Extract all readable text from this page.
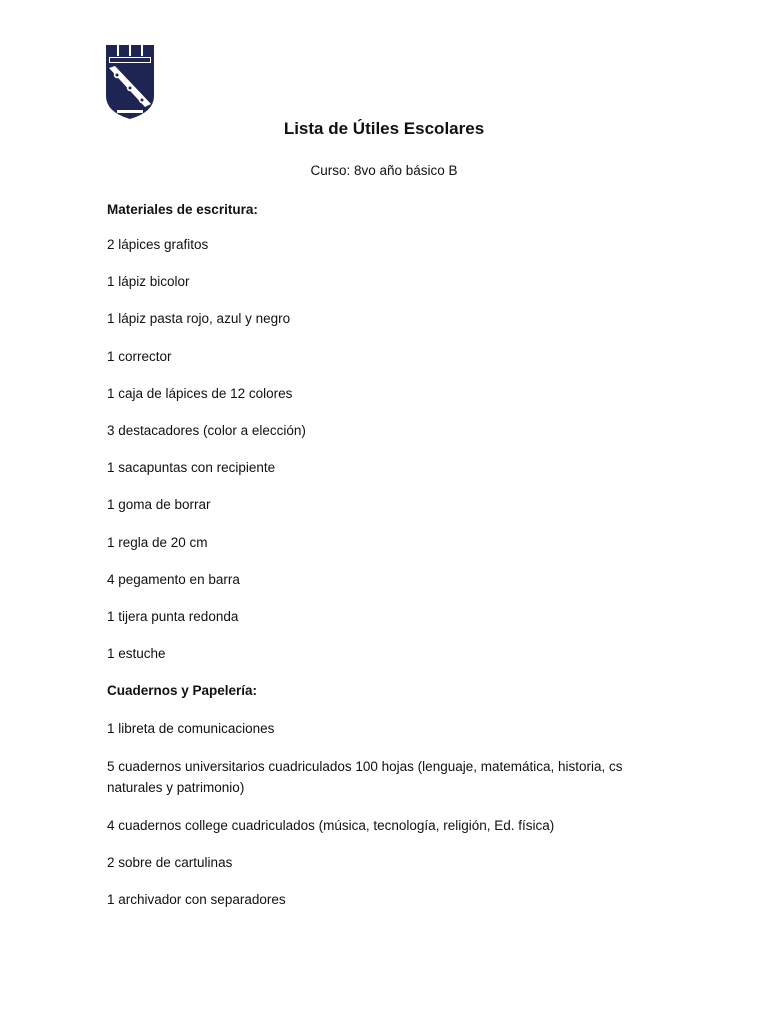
Lista de Útiles Escolares

Curso: 8vo año básico B

Materiales de escritura:

2 lápices grafitos

1 lápiz bicolor

1 lápiz pasta rojo, azul y negro

1 corrector

1 caja de lápices de 12 colores

3 destacadores (color a elección)

1 sacapuntas con recipiente

1 goma de borrar

1 regla de 20 cm

4 pegamento en barra

1 tijera punta redonda

1 estuche

Cuadernos y Papelería:

1 libreta de comunicaciones

5 cuadernos universitarios cuadriculados 100 hojas (lenguaje, matemática, historia, cs naturales y patrimonio)

4 cuadernos college cuadriculados (música, tecnología, religión, Ed. física)

2 sobre de cartulinas

1 archivador con separadores
